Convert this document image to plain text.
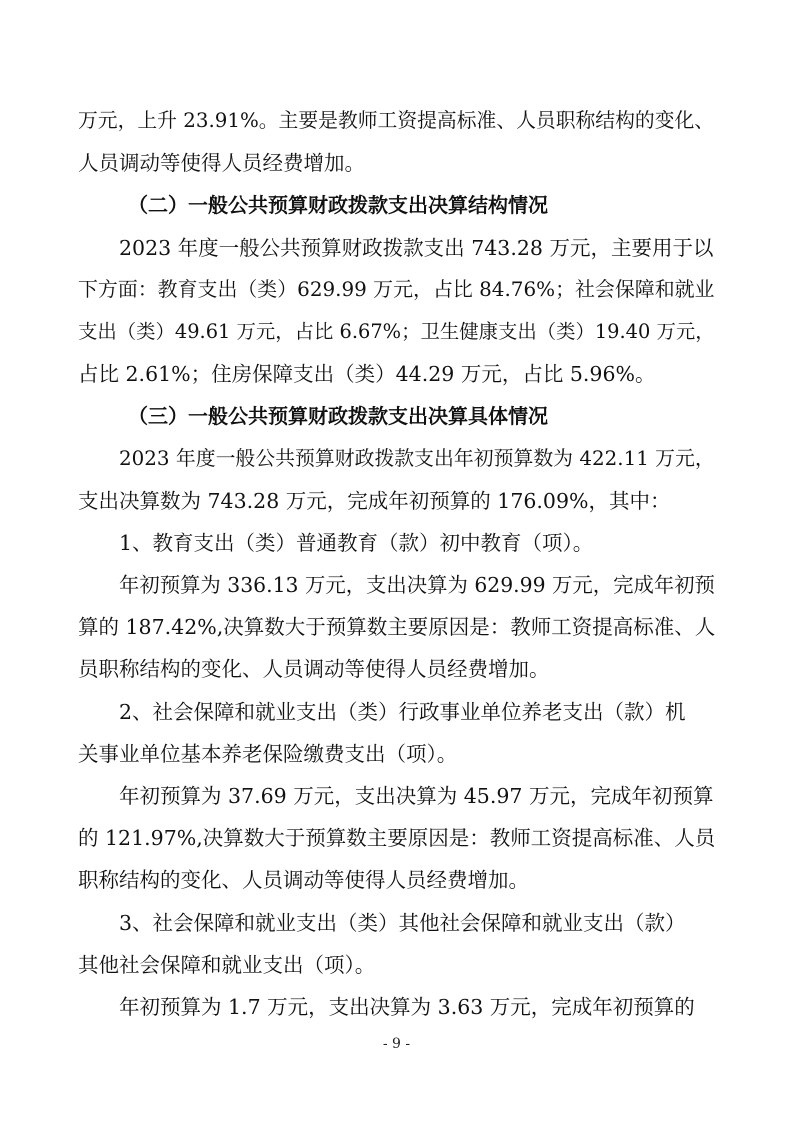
万元，上升 23.91%。主要是教师工资提高标准、人员职称结构的变化、
人员调动等使得人员经费增加。
（二）一般公共预算财政拨款支出决算结构情况
2023 年度一般公共预算财政拨款支出 743.28 万元，主要用于以
下方面：教育支出（类）629.99 万元，占比 84.76%；社会保障和就业
支出（类）49.61 万元，占比 6.67%；卫生健康支出（类）19.40 万元，
占比 2.61%；住房保障支出（类）44.29 万元，占比 5.96%。
（三）一般公共预算财政拨款支出决算具体情况
2023 年度一般公共预算财政拨款支出年初预算数为 422.11 万元，
支出决算数为 743.28 万元，完成年初预算的 176.09%，其中：
1、教育支出（类）普通教育（款）初中教育（项）。
年初预算为 336.13 万元，支出决算为 629.99 万元，完成年初预
算的 187.42%,决算数大于预算数主要原因是：教师工资提高标准、人
员职称结构的变化、人员调动等使得人员经费增加。
2、社会保障和就业支出（类）行政事业单位养老支出（款）机
关事业单位基本养老保险缴费支出（项）。
年初预算为 37.69 万元，支出决算为 45.97 万元，完成年初预算
的 121.97%,决算数大于预算数主要原因是：教师工资提高标准、人员
职称结构的变化、人员调动等使得人员经费增加。
3、社会保障和就业支出（类）其他社会保障和就业支出（款）
其他社会保障和就业支出（项）。
年初预算为 1.7 万元，支出决算为 3.63 万元，完成年初预算的
- 9 -
